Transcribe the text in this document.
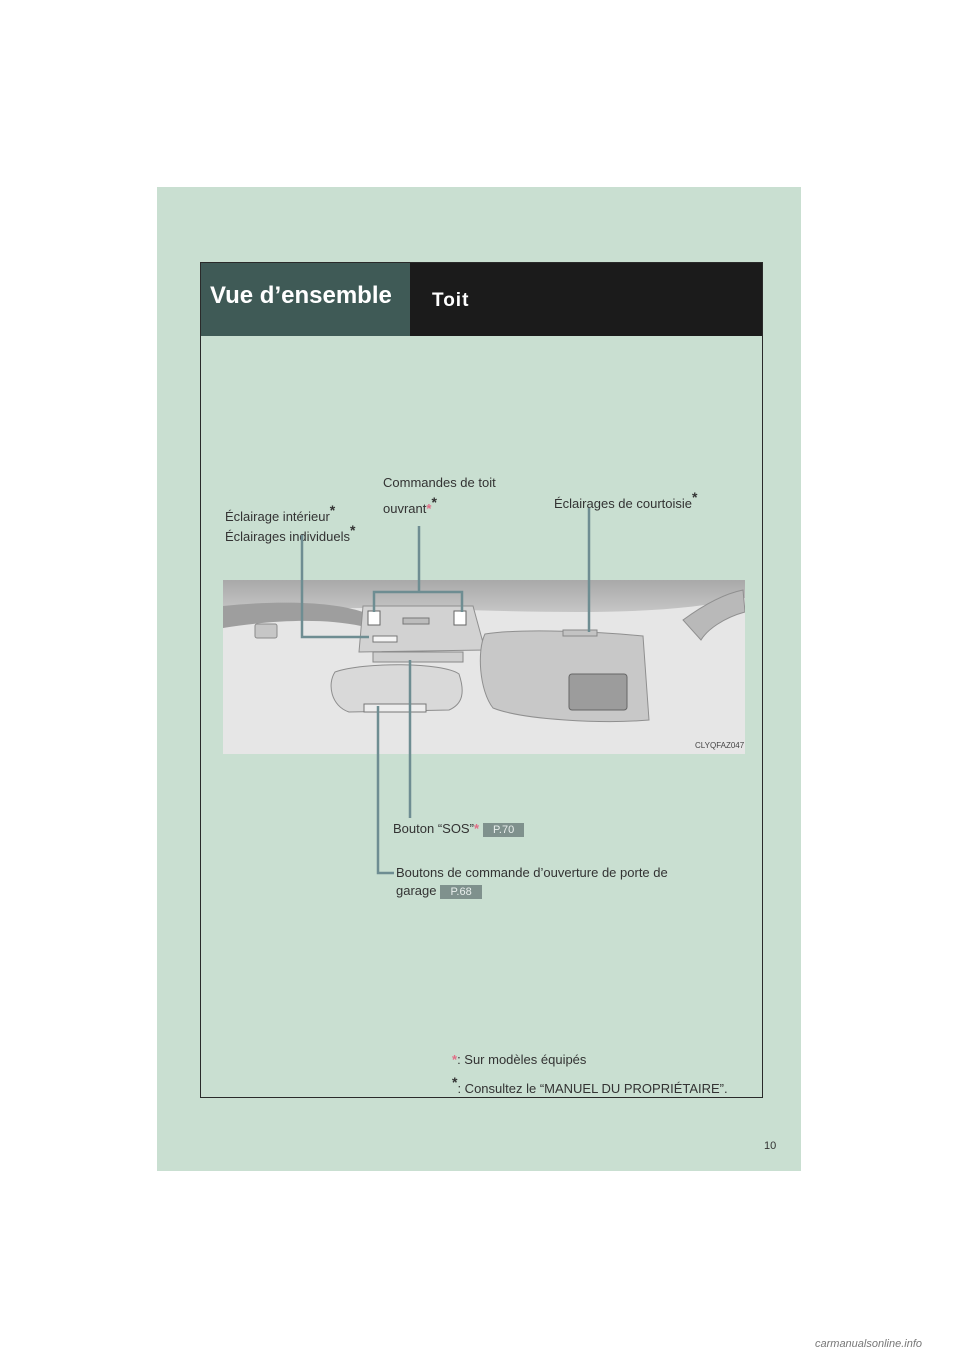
Vue d’ensemble Toit
Éclairage intérieur*
Éclairages individuels*
Commandes de toit
ouvrant**	Éclairages de courtoisie*
Bouton “SOS”* P.70
Boutons de commande d’ouverture de porte de
garage P.68
CLYQFAZ047
*: Sur modèles équipés
*: Consultez le “MANUEL DU PROPRIÉTAIRE”.
10
carmanualsonline.info
